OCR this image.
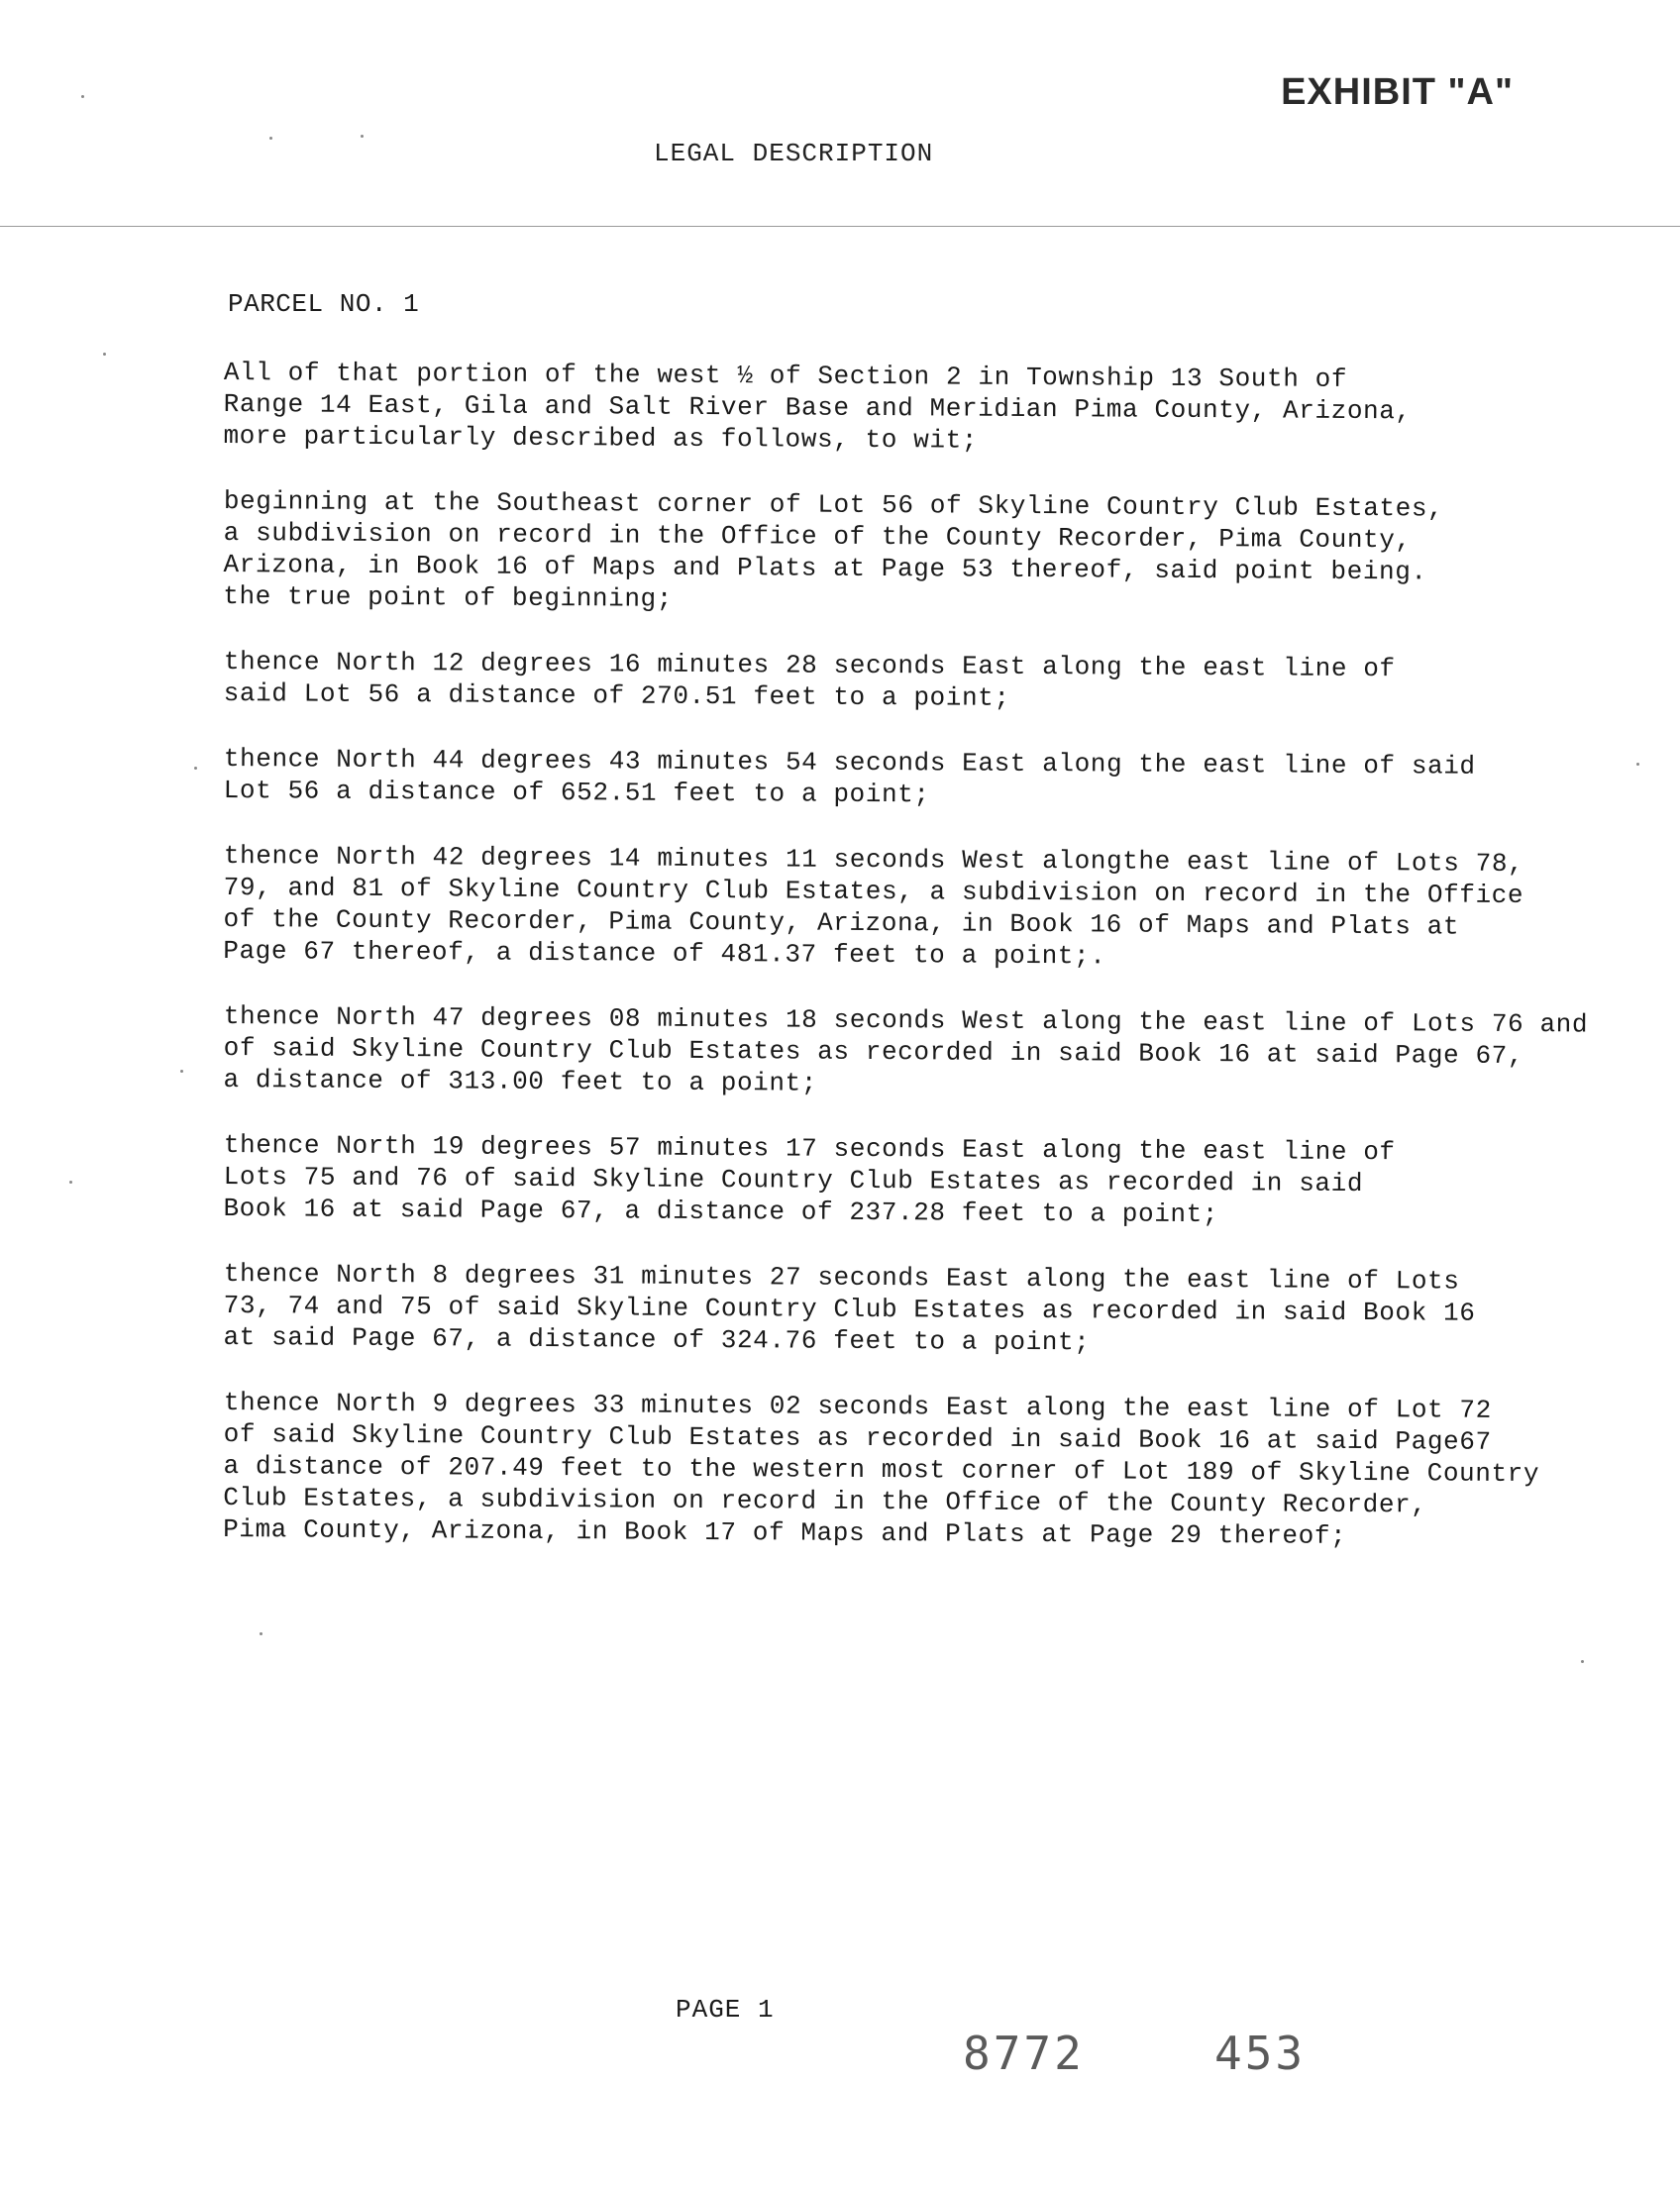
EXHIBIT "A"
LEGAL DESCRIPTION
PARCEL NO. 1
All of that portion of the west ½ of Section 2 in Township 13 South of
Range 14 East, Gila and Salt River Base and Meridian Pima County, Arizona,
more particularly described as follows, to wit;
beginning at the Southeast corner of Lot 56 of Skyline Country Club Estates,
a subdivision on record in the Office of the County Recorder, Pima County,
Arizona, in Book 16 of Maps and Plats at Page 53 thereof, said point being.
the true point of beginning;
thence North 12 degrees 16 minutes 28 seconds East along the east line of
said Lot 56 a distance of 270.51 feet to a point;
thence North 44 degrees 43 minutes 54 seconds East along the east line of said
Lot 56 a distance of 652.51 feet to a point;
thence North 42 degrees 14 minutes 11 seconds West alongthe east line of Lots 78,
79, and 81 of Skyline Country Club Estates, a subdivision on record in the Office
of the County Recorder, Pima County, Arizona, in Book 16 of Maps and Plats at
Page 67 thereof, a distance of 481.37 feet to a point;.
thence North 47 degrees 08 minutes 18 seconds West along the east line of Lots 76 and
of said Skyline Country Club Estates as recorded in said Book 16 at said Page 67,
a distance of 313.00 feet to a point;
thence North 19 degrees 57 minutes 17 seconds East along the east line of
Lots 75 and 76 of said Skyline Country Club Estates as recorded in said
Book 16 at said Page 67, a distance of 237.28 feet to a point;
thence North 8 degrees 31 minutes 27 seconds East along the east line of Lots
73, 74 and 75 of said Skyline Country Club Estates as recorded in said Book 16
at said Page 67, a distance of 324.76 feet to a point;
thence North 9 degrees 33 minutes 02 seconds East along the east line of Lot 72
of said Skyline Country Club Estates as recorded in said Book 16 at said Page67
a distance of 207.49 feet to the western most corner of Lot 189 of Skyline Country
Club Estates, a subdivision on record in the Office of the County Recorder,
Pima County, Arizona, in Book 17 of Maps and Plats at Page 29 thereof;
PAGE 1
8772	453
